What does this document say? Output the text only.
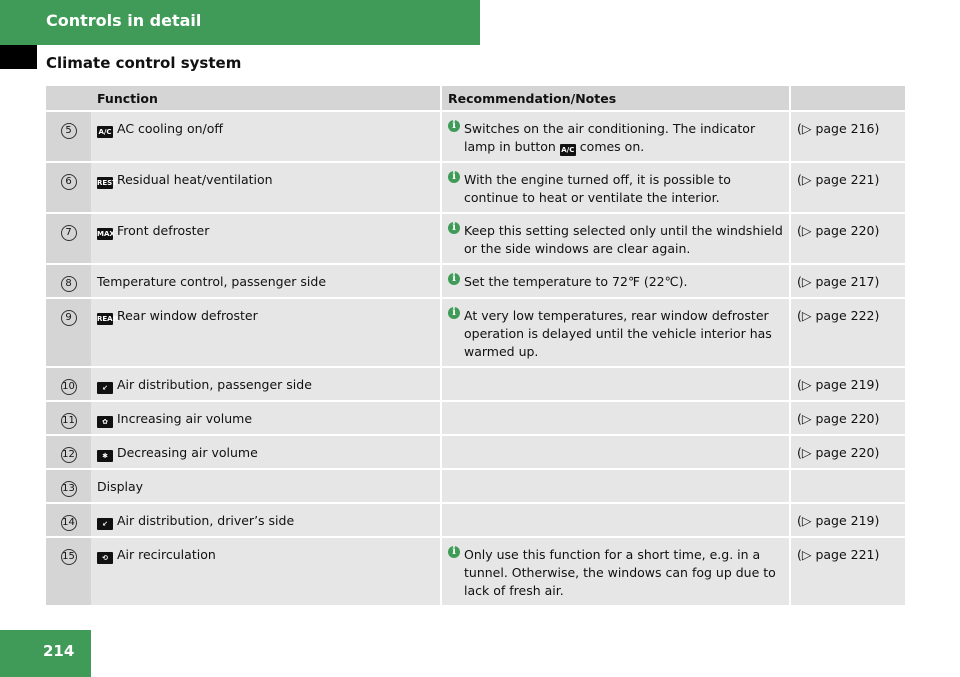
Controls in detail
Climate control system
	Function	Recommendation/Notes	
5	A/C AC cooling on/off	i Switches on the air conditioning. The indicator lamp in button A/C comes on.	(▷ page 216)
6	REST Residual heat/ventilation	i With the engine turned off, it is possible to continue to heat or ventilate the interior.	(▷ page 221)
7	MAX Front defroster	i Keep this setting selected only until the windshield or the side windows are clear again.	(▷ page 220)
8	Temperature control, passenger side	i Set the temperature to 72℉ (22℃).	(▷ page 217)
9	REAR Rear window defroster	i At very low temperatures, rear window defroster operation is delayed until the vehicle interior has warmed up.	(▷ page 222)
10	↙ Air distribution, passenger side		(▷ page 219)
11	✿ Increasing air volume		(▷ page 220)
12	✱ Decreasing air volume		(▷ page 220)
13	Display		
14	↙ Air distribution, driver’s side		(▷ page 219)
15	⟲ Air recirculation	i Only use this function for a short time, e.g. in a tunnel. Otherwise, the windows can fog up due to lack of fresh air.	(▷ page 221)
214
